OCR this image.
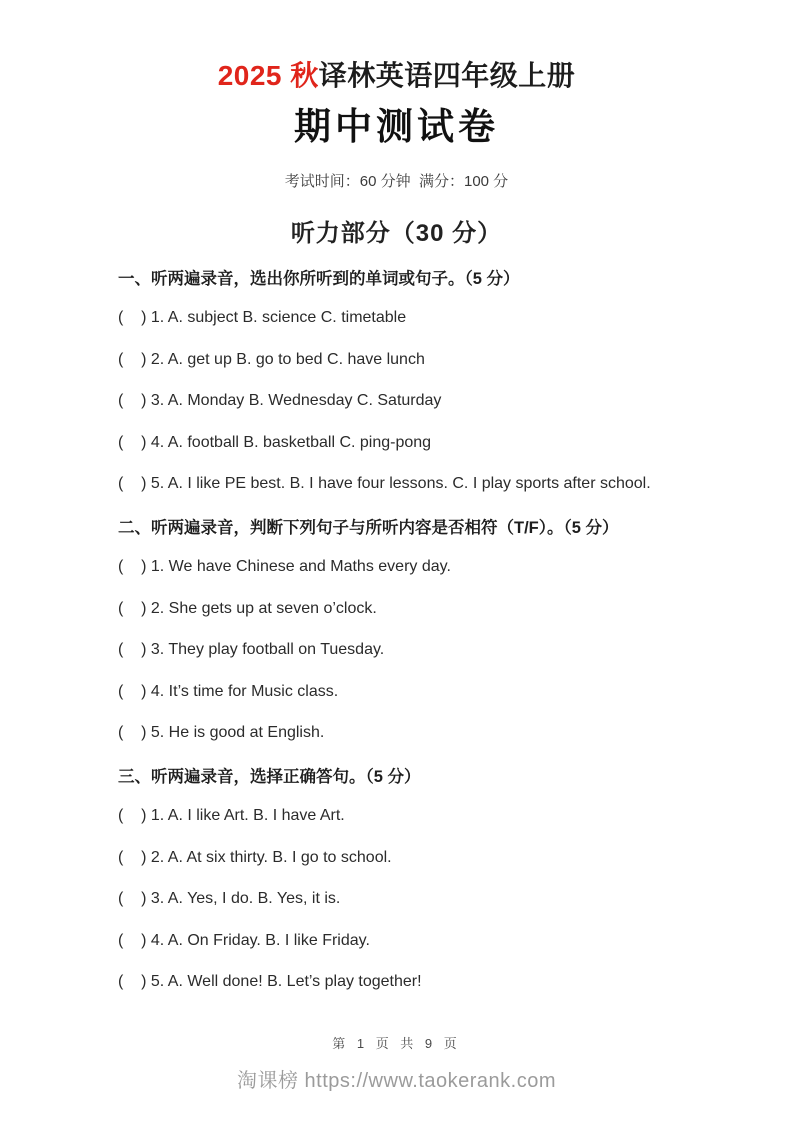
2025 秋译林英语四年级上册
期中测试卷

考试时间：60 分钟  满分：100 分

听力部分（30 分）
一、听两遍录音，选出你所听到的单词或句子。（5 分）
(    ) 1. A. subject B. science C. timetable
(    ) 2. A. get up B. go to bed C. have lunch
(    ) 3. A. Monday B. Wednesday C. Saturday
(    ) 4. A. football B. basketball C. ping-pong
(    ) 5. A. I like PE best. B. I have four lessons. C. I play sports after school.
二、听两遍录音，判断下列句子与所听内容是否相符（T/F）。（5 分）
(    ) 1. We have Chinese and Maths every day.
(    ) 2. She gets up at seven o’clock.
(    ) 3. They play football on Tuesday.
(    ) 4. It’s time for Music class.
(    ) 5. He is good at English.
三、听两遍录音，选择正确答句。（5 分）
(    ) 1. A. I like Art. B. I have Art.
(    ) 2. A. At six thirty. B. I go to school.
(    ) 3. A. Yes, I do. B. Yes, it is.
(    ) 4. A. On Friday. B. I like Friday.
(    ) 5. A. Well done! B. Let’s play together!
第 1 页 共 9 页
淘课榜 https://www.taokerank.com
